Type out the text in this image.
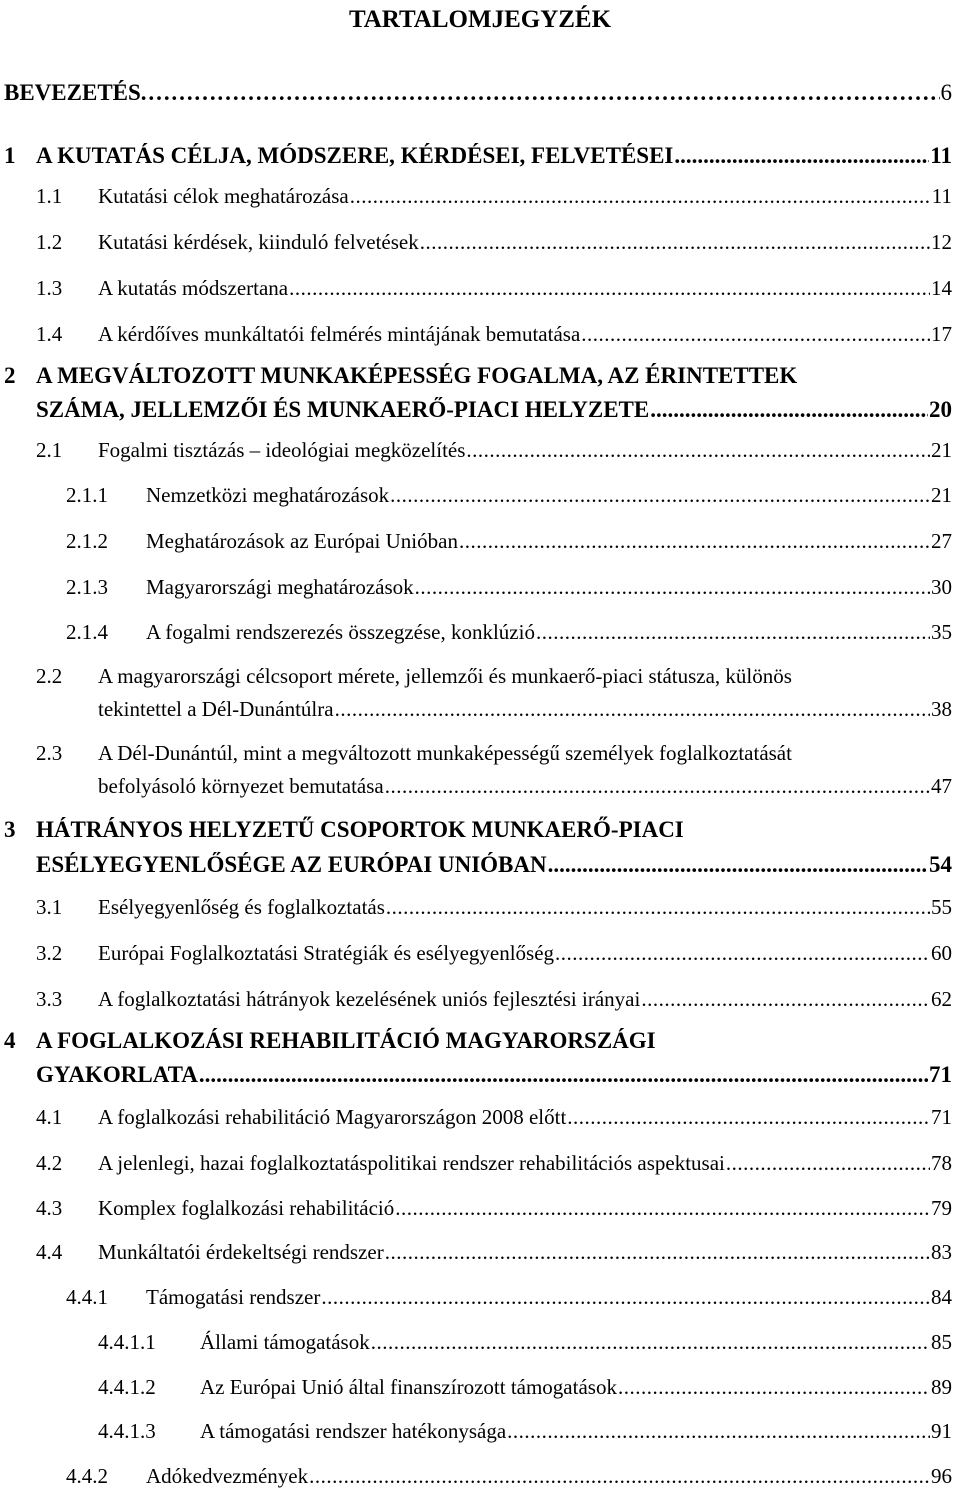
TARTALOMJEGYZÉK
BEVEZETÉS. ………………………………………………………………………………………………………………………………………………………………………………………………………………………………………………………………………………………………………………………………………………………………………………	6
1 A KUTATÁS CÉLJA, MÓDSZERE, KÉRDÉSEI, FELVETÉSEI .....	11
1.1	Kutatási célok meghatározása .....	11
1.2	Kutatási kérdések, kiinduló felvetések .....	12
1.3	A kutatás módszertana .....	14
1.4	A kérdőíves munkáltatói felmérés mintájának bemutatása .....	17
2 A MEGVÁLTOZOTT MUNKAKÉPESSÉG FOGALMA, AZ ÉRINTETTEK
SZÁMA, JELLEMZŐI ÉS MUNKAERŐ-PIACI HELYZETE .....	20
2.1	Fogalmi tisztázás – ideológiai megközelítés .....	21
2.1.1	Nemzetközi meghatározások .....	21
2.1.2	Meghatározások az Európai Unióban .....	27
2.1.3	Magyarországi meghatározások .....	30
2.1.4	A fogalmi rendszerezés összegzése, konklúzió .....	35
2.2 A magyarországi célcsoport mérete, jellemzői és munkaerő-piaci státusza, különös
tekintettel a Dél-Dunántúlra .....	38
2.3 A Dél-Dunántúl, mint a megváltozott munkaképességű személyek foglalkoztatását
befolyásoló környezet bemutatása .....	47
3 HÁTRÁNYOS HELYZETŰ CSOPORTOK MUNKAERŐ-PIACI
ESÉLYEGYENLŐSÉGE AZ EURÓPAI UNIÓBAN .....	54
3.1	Esélyegyenlőség és foglalkoztatás .....	55
3.2	Európai Foglalkoztatási Stratégiák és esélyegyenlőség .....	60
3.3	A foglalkoztatási hátrányok kezelésének uniós fejlesztési irányai .....	62
4 A FOGLALKOZÁSI REHABILITÁCIÓ MAGYARORSZÁGI
GYAKORLATA .....	71
4.1	A foglalkozási rehabilitáció Magyarországon 2008 előtt .....	71
4.2	A jelenlegi, hazai foglalkoztatáspolitikai rendszer rehabilitációs aspektusai .....	78
4.3	Komplex foglalkozási rehabilitáció .....	79
4.4	Munkáltatói érdekeltségi rendszer .....	83
4.4.1	Támogatási rendszer .....	84
4.4.1.1	Állami támogatások .....	85
4.4.1.2	Az Európai Unió által finanszírozott támogatások .....	89
4.4.1.3	A támogatási rendszer hatékonysága .....	91
4.4.2	Adókedvezmények .....	96
